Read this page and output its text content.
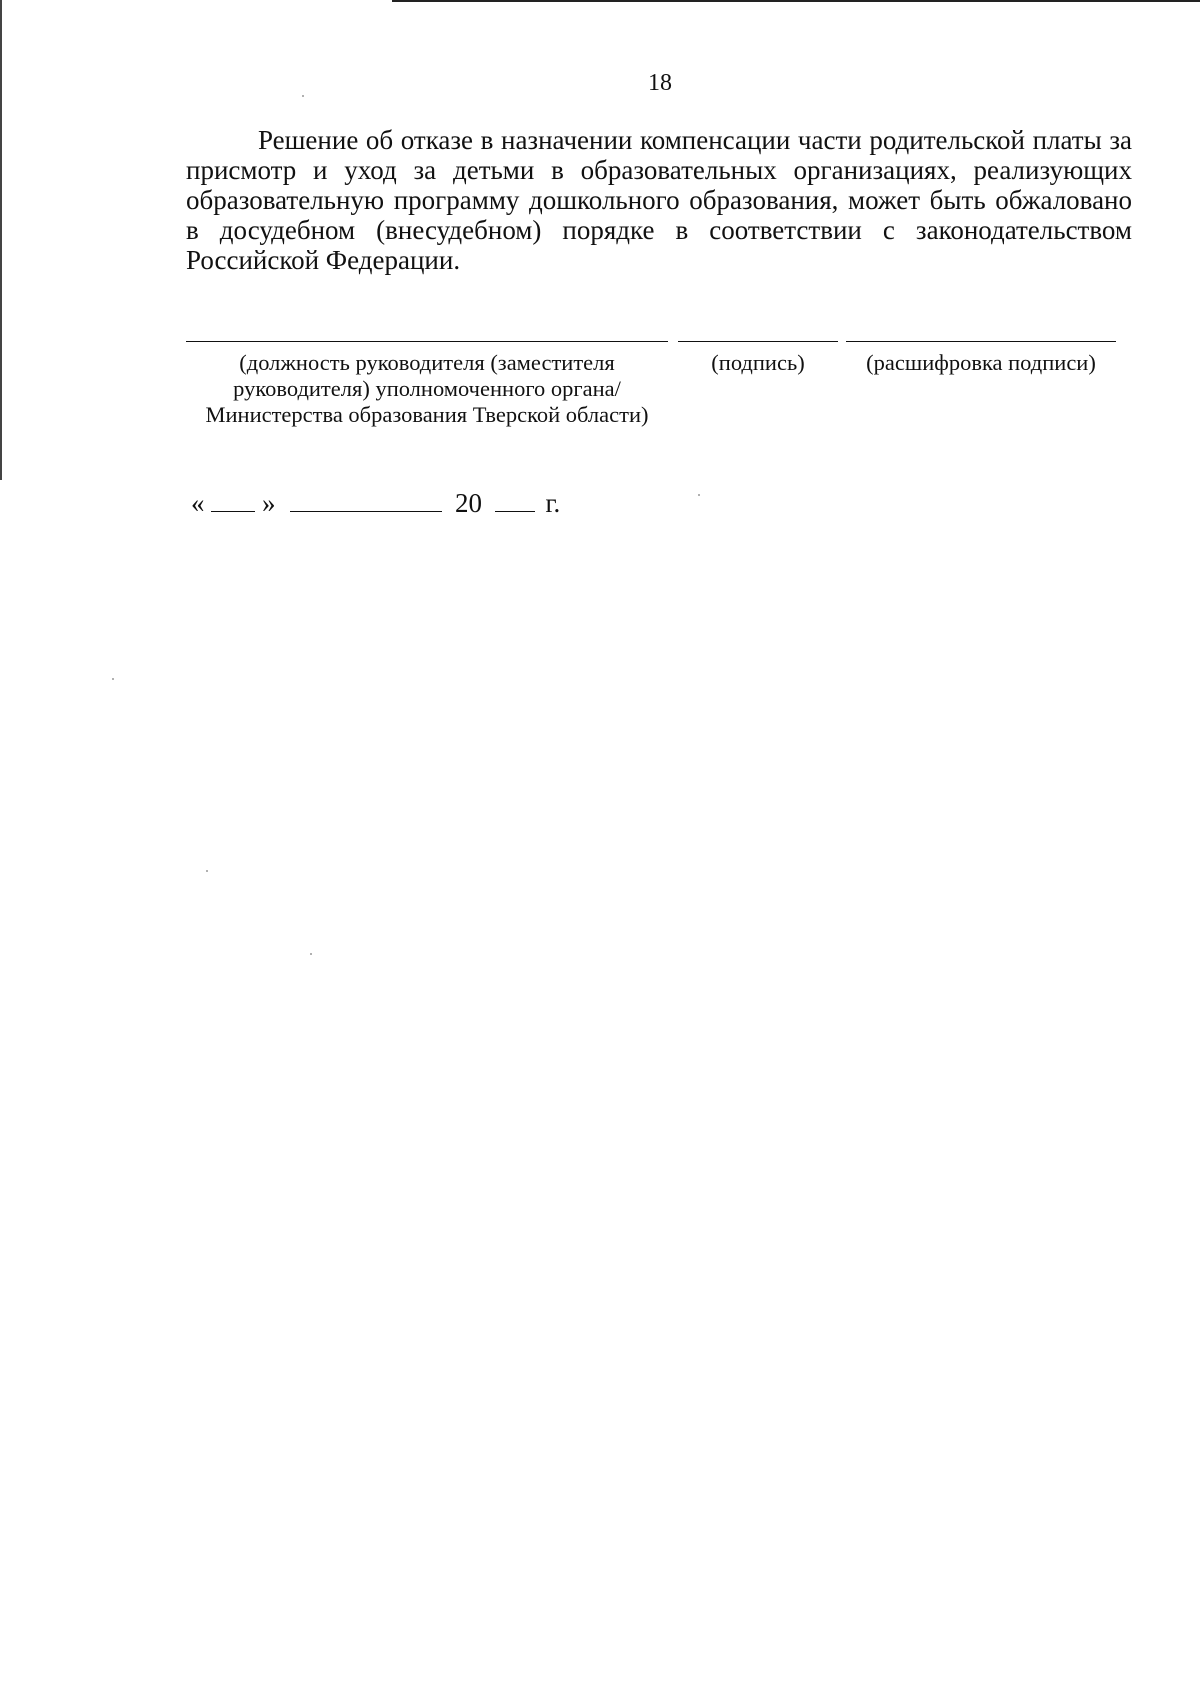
18

Решение об отказе в назначении компенсации части родительской платы за присмотр и уход за детьми в образовательных организациях, реализующих образовательную программу дошкольного образования, может быть обжаловано в досудебном (внесудебном) порядке в соответствии с законодательством Российской Федерации.

(должность руководителя (заместителя руководителя) уполномоченного органа/ Министерства образования Тверской области)
(подпись)	(расшифровка подписи)
« »	20 г.
